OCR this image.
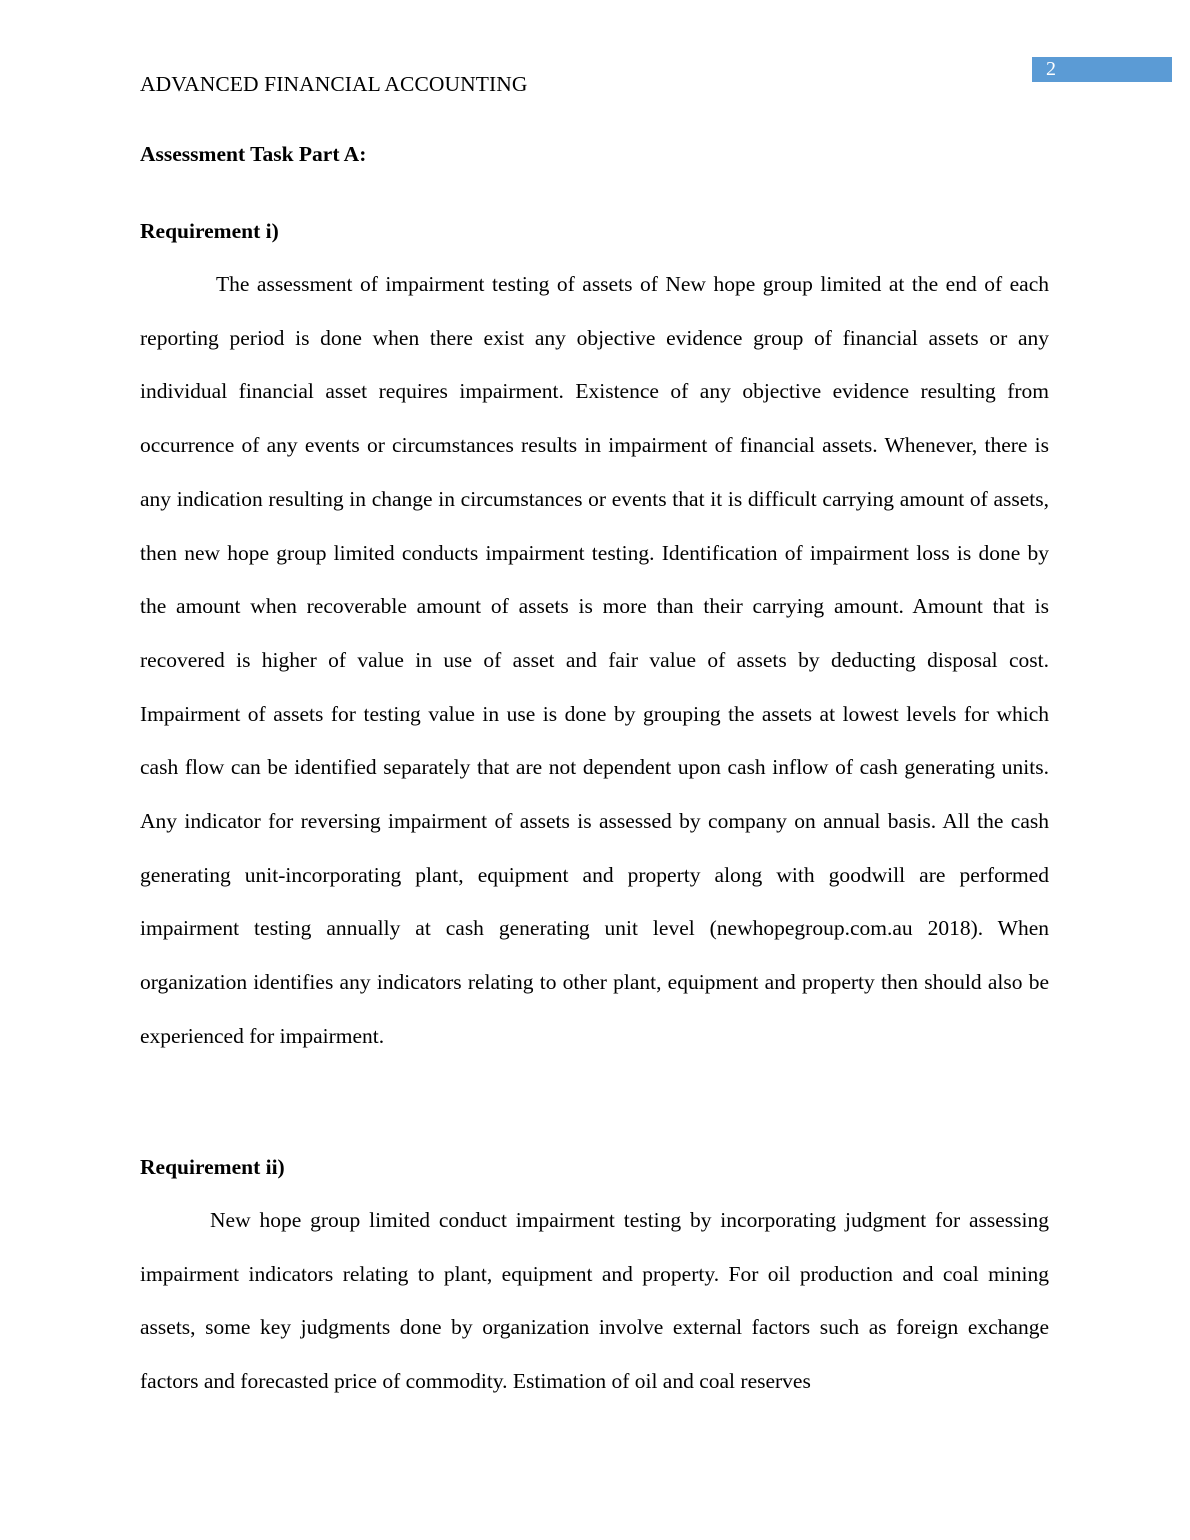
2
ADVANCED FINANCIAL ACCOUNTING
Assessment Task Part A:
Requirement i)

The assessment of impairment testing of assets of New hope group limited at the end of each reporting period is done when there exist any objective evidence group of financial assets or any individual financial asset requires impairment. Existence of any objective evidence resulting from occurrence of any events or circumstances results in impairment of financial assets. Whenever, there is any indication resulting in change in circumstances or events that it is difficult carrying amount of assets, then new hope group limited conducts impairment testing. Identification of impairment loss is done by the amount when recoverable amount of assets is more than their carrying amount. Amount that is recovered is higher of value in use of asset and fair value of assets by deducting disposal cost. Impairment of assets for testing value in use is done by grouping the assets at lowest levels for which cash flow can be identified separately that are not dependent upon cash inflow of cash generating units. Any indicator for reversing impairment of assets is assessed by company on annual basis. All the cash generating unit-incorporating plant, equipment and property along with goodwill are performed impairment testing annually at cash generating unit level (newhopegroup.com.au 2018). When organization identifies any indicators relating to other plant, equipment and property then should also be experienced for impairment.

Requirement ii)

New hope group limited conduct impairment testing by incorporating judgment for assessing impairment indicators relating to plant, equipment and property. For oil production and coal mining assets, some key judgments done by organization involve external factors such as foreign exchange factors and forecasted price of commodity. Estimation of oil and coal reserves
